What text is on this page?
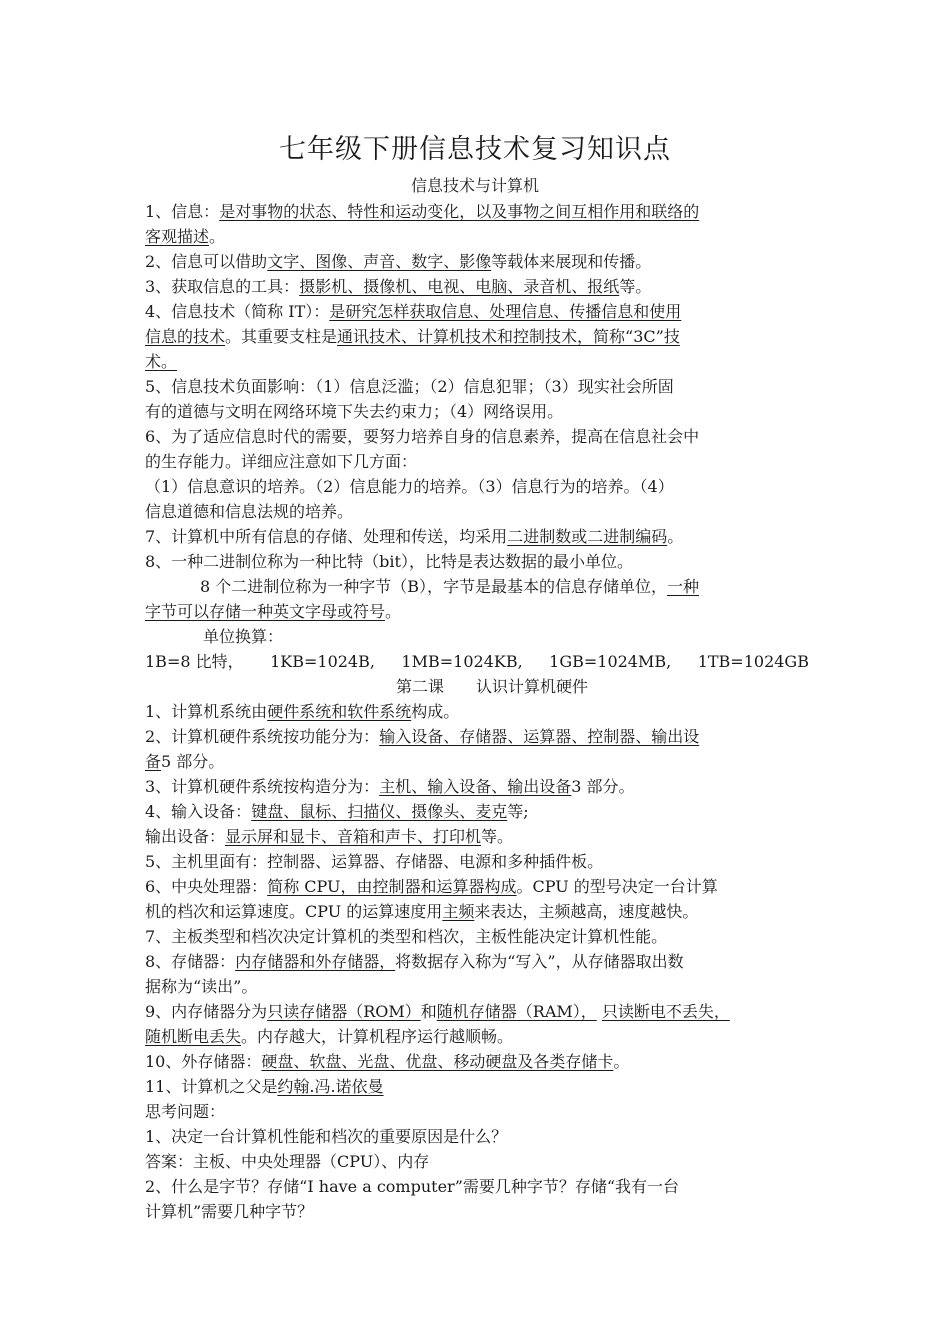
七年级下册信息技术复习知识点
信息技术与计算机
1、信息：是对事物的状态、特性和运动变化，以及事物之间互相作用和联络的
客观描述。
2、信息可以借助文字、图像、声音、数字、影像等载体来展现和传播。
3、获取信息的工具：摄影机、摄像机、电视、电脑、录音机、报纸等。
4、信息技术（简称 IT）：是研究怎样获取信息、处理信息、传播信息和使用
信息的技术。其重要支柱是通讯技术、计算机技术和控制技术，简称“3C”技
术。
5、信息技术负面影响：（1）信息泛滥；（2）信息犯罪；（3）现实社会所固
有的道德与文明在网络环境下失去约束力；（4）网络误用。
6、为了适应信息时代的需要，要努力培养自身的信息素养，提高在信息社会中
的生存能力。详细应注意如下几方面：
（1）信息意识的培养。（2）信息能力的培养。（3）信息行为的培养。（4）
信息道德和信息法规的培养。
7、计算机中所有信息的存储、处理和传送，均采用二进制数或二进制编码。
8、一种二进制位称为一种比特（bit），比特是表达数据的最小单位。
8 个二进制位称为一种字节（B），字节是最基本的信息存储单位，一种
字节可以存储一种英文字母或符号。
单位换算：
1B=8 比特， 1KB=1024B, 1MB=1024KB, 1GB=1024MB, 1TB=1024GB
第二课　　认识计算机硬件
1、计算机系统由硬件系统和软件系统构成。
2、计算机硬件系统按功能分为：输入设备、存储器、运算器、控制器、输出设
备5 部分。
3、计算机硬件系统按构造分为：主机、输入设备、输出设备3 部分。
4、输入设备：键盘、鼠标、扫描仪、摄像头、麦克等;
输出设备：显示屏和显卡、音箱和声卡、打印机等。
5、主机里面有：控制器、运算器、存储器、电源和多种插件板。
6、中央处理器：简称 CPU，由控制器和运算器构成。CPU 的型号决定一台计算
机的档次和运算速度。CPU 的运算速度用主频来表达，主频越高，速度越快。
7、主板类型和档次决定计算机的类型和档次，主板性能决定计算机性能。
8、存储器：内存储器和外存储器，将数据存入称为“写入”，从存储器取出数
据称为“读出”。
9、内存储器分为只读存储器（ROM）和随机存储器（RAM）， 只读断电不丢失，
随机断电丢失。内存越大，计算机程序运行越顺畅。
10、外存储器：硬盘、软盘、光盘、优盘、移动硬盘及各类存储卡。
11、计算机之父是约翰.冯.诺依曼
思考问题：
1、决定一台计算机性能和档次的重要原因是什么？
答案：主板、中央处理器（CPU）、内存
2、什么是字节？存储“I have a computer”需要几种字节？存储“我有一台
计算机”需要几种字节？
